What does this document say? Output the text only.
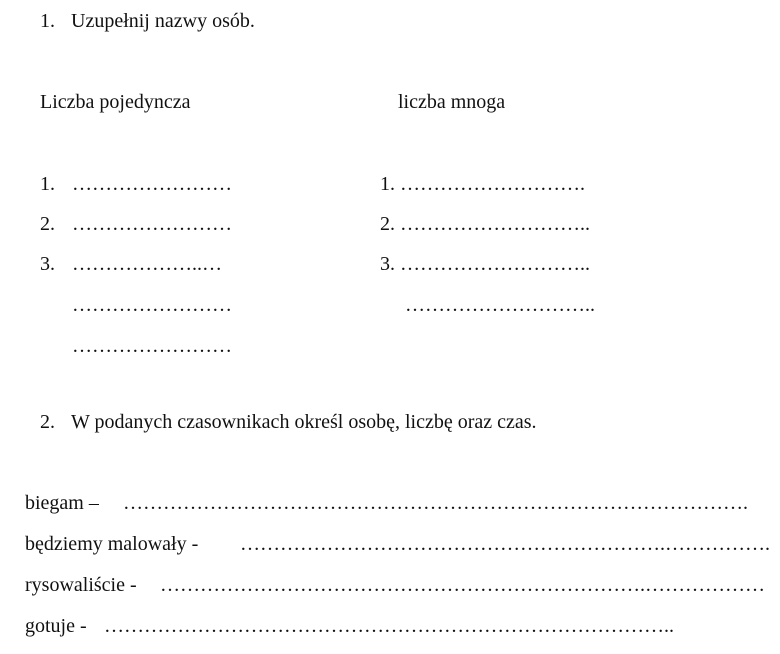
1. Uzupełnij nazwy osób.
Liczba pojedyncza	liczba mnoga
1. ……………………
2. ……………………
3. ………………..…
……………………
……………………
1. ……………………….
2. ………………………..
3. ………………………..
………………………..
2. W podanych czasownikach określ osobę, liczbę oraz czas.
biegam – ………………………………………………………………………………….
będziemy malowały - ……………………………………………………….…………….
rysowaliście - ……………………………………………………………….………………
gotuje - …………………………………………………………………………..
